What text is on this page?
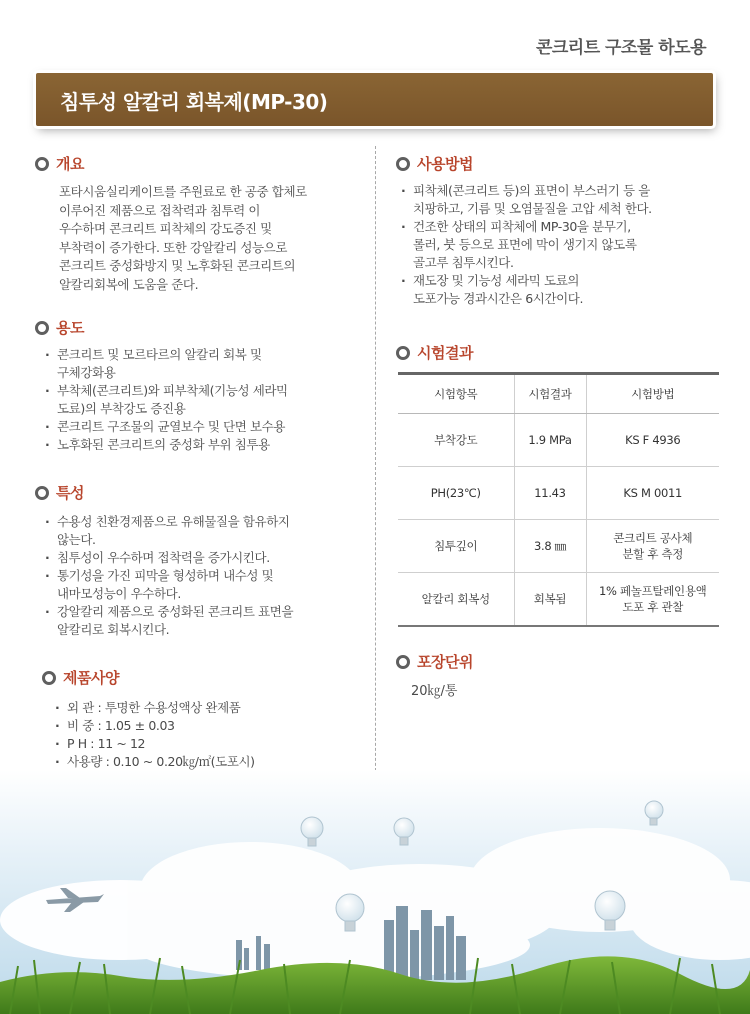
콘크리트 구조물 하도용
침투성 알칼리 회복제(MP-30)
개요
포타시움실리케이트를 주원료로 한 공중 합체로
이루어진 제품으로 접착력과 침투력 이
우수하며 콘크리트 피착체의 강도증진 및
부착력이 증가한다. 또한 강알칼리 성능으로
콘크리트 중성화방지 및 노후화된 콘크리트의
알칼리회복에 도움을 준다.
용도
· 콘크리트 및 모르타르의 알칼리 회복 및
구체강화용
· 부착체(콘크리트)와 피부착체(기능성 세라믹
도료)의 부착강도 증진용
· 콘크리트 구조물의 균열보수 및 단면 보수용
· 노후화된 콘크리트의 중성화 부위 침투용
특성
· 수용성 친환경제품으로 유해물질을 함유하지
않는다.
· 침투성이 우수하며 접착력을 증가시킨다.
· 통기성을 가진 피막을 형성하며 내수성 및
내마모성능이 우수하다.
· 강알칼리 제품으로 중성화된 콘크리트 표면을
알칼리로 회복시킨다.
제품사양
· 외 관 : 투명한 수용성액상 완제품
· 비 중 : 1.05 ± 0.03
· P H : 11 ~ 12
· 사용량 : 0.10 ~ 0.20㎏/㎡(도포시)
사용방법
· 피착체(콘크리트 등)의 표면이 부스러기 등 을
치팡하고, 기름 및 오염물질을 고압 세척 한다.
· 건조한 상태의 피착체에 MP-30을 분무기,
롤러, 붓 등으로 표면에 막이 생기지 않도록
골고루 침투시킨다.
· 재도장 및 기능성 세라믹 도료의
도포가능 경과시간은 6시간이다.
시험결과
시험항목	시험결과	시험방법
부착강도	1.9 MPa	KS F 4936

PH(23℃)	11.43	KS M 0011

침투깊이	3.8 ㎜	콘크리트 공사체
분할 후 측정

알칼리 회복성	회복됨	1% 페놀프탈레인용액
도포 후 관찰
포장단위
20㎏/통
